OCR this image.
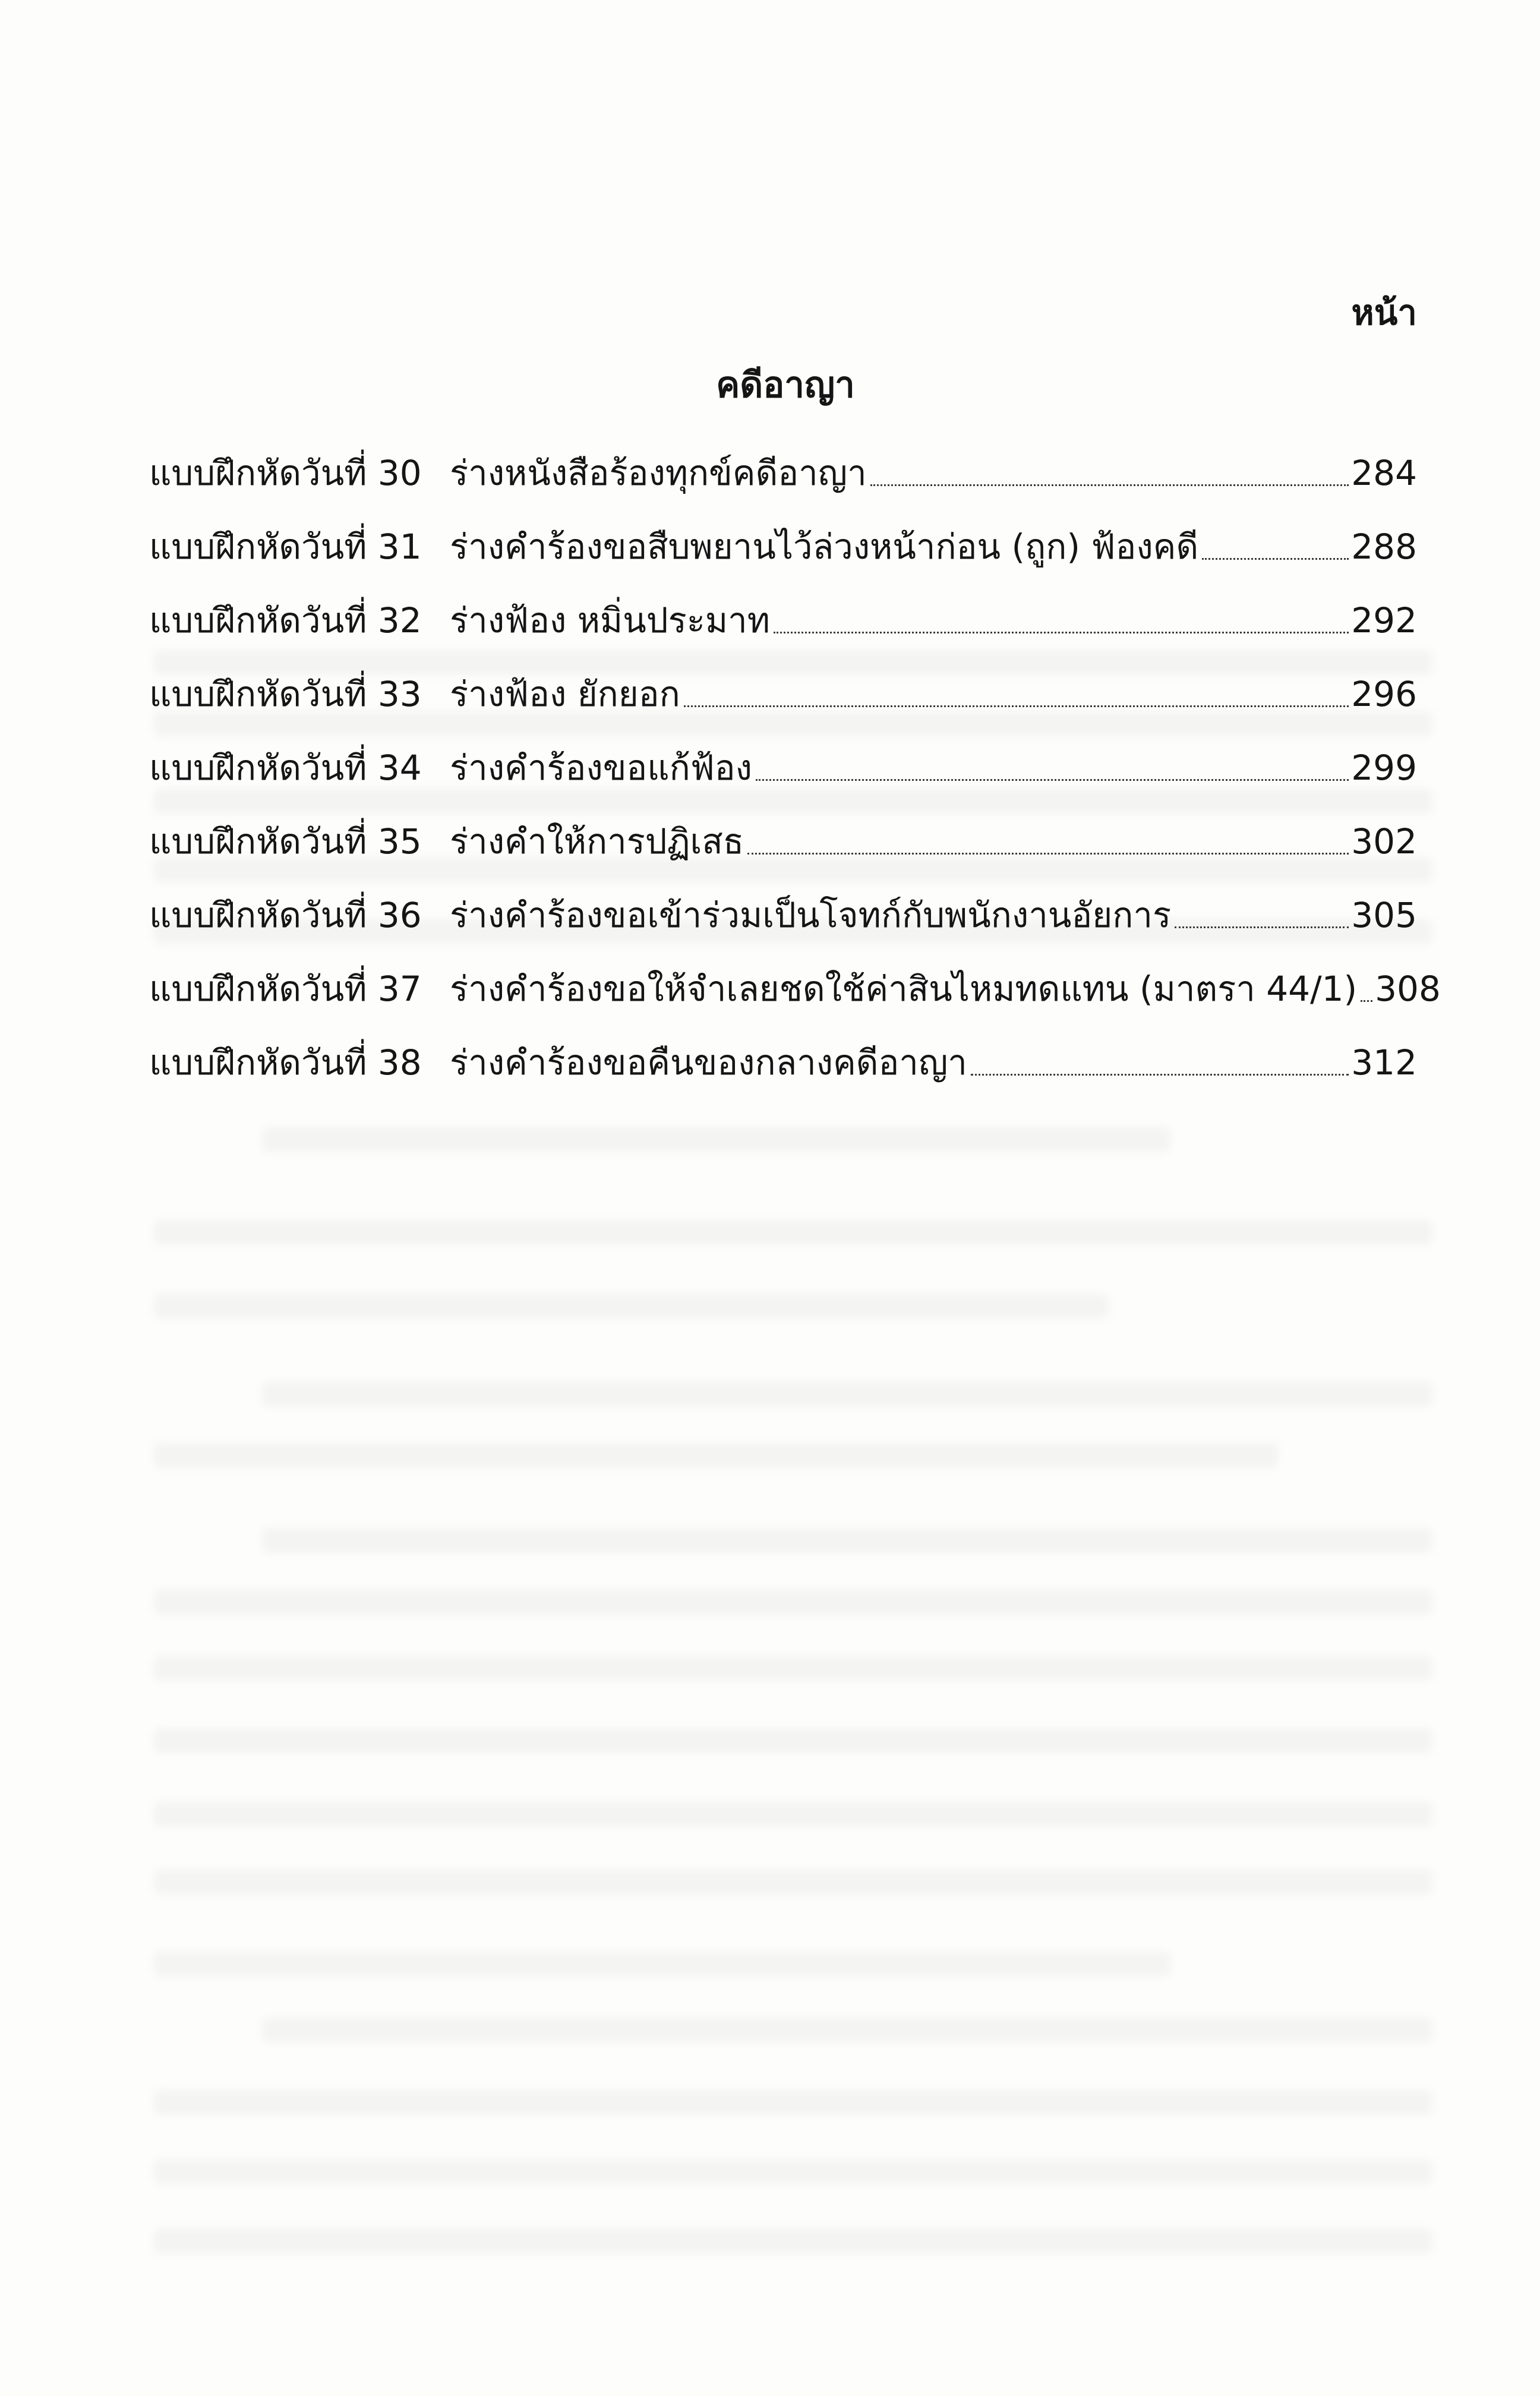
หน้า
คดีอาญา
แบบฝึกหัดวันที่ 30 ร่างหนังสือร้องทุกข์คดีอาญา	284
แบบฝึกหัดวันที่ 31 ร่างคำร้องขอสืบพยานไว้ล่วงหน้าก่อน (ถูก) ฟ้องคดี	288
แบบฝึกหัดวันที่ 32 ร่างฟ้อง หมิ่นประมาท	292
แบบฝึกหัดวันที่ 33 ร่างฟ้อง ยักยอก	296
แบบฝึกหัดวันที่ 34 ร่างคำร้องขอแก้ฟ้อง	299
แบบฝึกหัดวันที่ 35 ร่างคำให้การปฏิเสธ	302
แบบฝึกหัดวันที่ 36 ร่างคำร้องขอเข้าร่วมเป็นโจทก์กับพนักงานอัยการ	305
แบบฝึกหัดวันที่ 37 ร่างคำร้องขอให้จำเลยชดใช้ค่าสินไหมทดแทน (มาตรา 44/1) 308
แบบฝึกหัดวันที่ 38 ร่างคำร้องขอคืนของกลางคดีอาญา	312
